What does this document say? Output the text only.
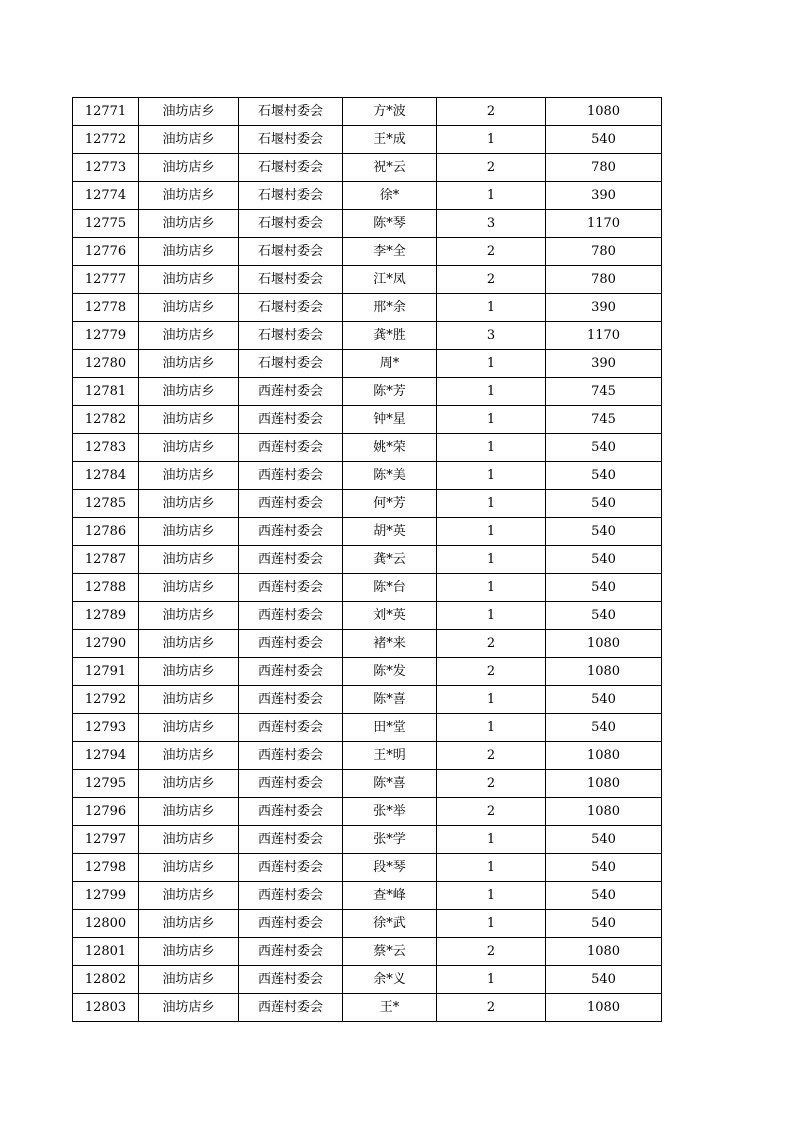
12771	油坊店乡	石堰村委会	方*波	2	1080
12772	油坊店乡	石堰村委会	王*成	1	540
12773	油坊店乡	石堰村委会	祝*云	2	780
12774	油坊店乡	石堰村委会	徐*	1	390
12775	油坊店乡	石堰村委会	陈*琴	3	1170
12776	油坊店乡	石堰村委会	李*全	2	780
12777	油坊店乡	石堰村委会	江*凤	2	780
12778	油坊店乡	石堰村委会	邢*余	1	390
12779	油坊店乡	石堰村委会	龚*胜	3	1170
12780	油坊店乡	石堰村委会	周*	1	390
12781	油坊店乡	西莲村委会	陈*芳	1	745
12782	油坊店乡	西莲村委会	钟*星	1	745
12783	油坊店乡	西莲村委会	姚*荣	1	540
12784	油坊店乡	西莲村委会	陈*美	1	540
12785	油坊店乡	西莲村委会	何*芳	1	540
12786	油坊店乡	西莲村委会	胡*英	1	540
12787	油坊店乡	西莲村委会	龚*云	1	540
12788	油坊店乡	西莲村委会	陈*台	1	540
12789	油坊店乡	西莲村委会	刘*英	1	540
12790	油坊店乡	西莲村委会	褚*来	2	1080
12791	油坊店乡	西莲村委会	陈*发	2	1080
12792	油坊店乡	西莲村委会	陈*喜	1	540
12793	油坊店乡	西莲村委会	田*堂	1	540
12794	油坊店乡	西莲村委会	王*明	2	1080
12795	油坊店乡	西莲村委会	陈*喜	2	1080
12796	油坊店乡	西莲村委会	张*举	2	1080
12797	油坊店乡	西莲村委会	张*学	1	540
12798	油坊店乡	西莲村委会	段*琴	1	540
12799	油坊店乡	西莲村委会	查*峰	1	540
12800	油坊店乡	西莲村委会	徐*武	1	540
12801	油坊店乡	西莲村委会	蔡*云	2	1080
12802	油坊店乡	西莲村委会	余*义	1	540
12803	油坊店乡	西莲村委会	王*	2	1080
